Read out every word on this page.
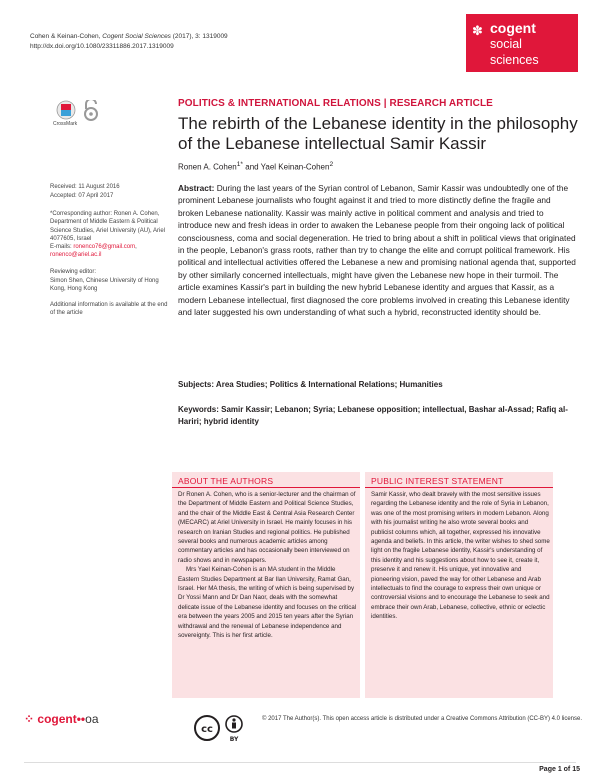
Cohen & Keinan-Cohen, Cogent Social Sciences (2017), 3: 1319009
http://dx.doi.org/10.1080/23311886.2017.1319009
✽ cogent
social
sciences
CrossMark
POLITICS & INTERNATIONAL RELATIONS | RESEARCH ARTICLE
The rebirth of the Lebanese identity in the philosophy of the Lebanese intellectual Samir Kassir
Ronen A. Cohen$^{1*}$ and Yael Keinan-Cohen$^2$
Received: 11 August 2016
Accepted: 07 April 2017
*Corresponding author: Ronen A. Cohen, Department of Middle Eastern & Political Science Studies, Ariel University (AU), Ariel 4077605, Israel
E-mails: ronenco76@gmail.com, ronenco@ariel.ac.il
Reviewing editor:
Simon Shen, Chinese University of Hong Kong, Hong Kong
Additional information is available at the end of the article
Abstract: During the last years of the Syrian control of Lebanon, Samir Kassir was undoubtedly one of the prominent Lebanese journalists who fought against it and tried to more distinctly define the fragile and broken Lebanese nationality. Kassir was mainly active in political comment and analysis and tried to introduce new and fresh ideas in order to awaken the Lebanese people from their ongoing lack of political consciousness, coma and social degeneration. He tried to bring about a shift in political views that originated in the people, Lebanon's grass roots, rather than try to change the elite and corrupt political framework. His political and intellectual activities offered the Lebanese a new and promising national agenda that, supported by other similarly concerned intellectuals, might have given the Lebanese new hope in their turmoil. The article examines Kassir's part in building the new hybrid Lebanese identity and argues that Kassir, as a modern Lebanese intellectual, first diagnosed the core problems involved in creating this Lebanese identity and later suggested his own understanding of what such a hybrid, reconstructed identity should be.
Subjects: Area Studies; Politics & International Relations; Humanities
Keywords: Samir Kassir; Lebanon; Syria; Lebanese opposition; intellectual, Bashar al-Assad; Rafiq al-Hariri; hybrid identity
ABOUT THE AUTHORS

Dr Ronen A. Cohen, who is a senior-lecturer and the chairman of the Department of Middle Eastern and Political Science Studies, and the chair of the Middle East & Central Asia Research Center (MECARC) at Ariel University in Israel. He mainly focuses in his research on Iranian Studies and regional politics. He published several books and numerous academic articles among commentary articles and has occasionally been interviewed on radio shows and in newspapers.

Mrs Yael Keinan-Cohen is an MA student in the Middle Eastern Studies Department at Bar Ilan University, Ramat Gan, Israel. Her MA thesis, the writing of which is being supervised by Dr Yossi Mann and Dr Dan Naor, deals with the somewhat delicate issue of the Lebanese identity and focuses on the critical era between the years 2005 and 2015 ten years after the Syrian withdrawal and the renewal of Lebanese independence and sovereignty. This is her first article.

PUBLIC INTEREST STATEMENT

Samir Kassir, who dealt bravely with the most sensitive issues regarding the Lebanese identity and the role of Syria in Lebanon, was one of the most promising writers in modern Lebanon. Along with his journalist writing he also wrote several books and publicist columns which, all together, expressed his innovative agenda and beliefs. In this article, the writer wishes to shed some light on the fragile Lebanese identity, Kassir's understanding of this identity and his suggestions about how to see it, create it, preserve it and renew it. His unique, yet innovative and pioneering vision, paved the way for other Lebanese and Arab intellectuals to find the courage to express their own unique or controversial visions and to encourage the Lebanese to seek and embrace their own Arab, Lebanese, collective, ethnic or eclectic identities.

⁘ cogent••oa
cc
BY
© 2017 The Author(s). This open access article is distributed under a Creative Commons Attribution (CC-BY) 4.0 license.
Page 1 of 15
